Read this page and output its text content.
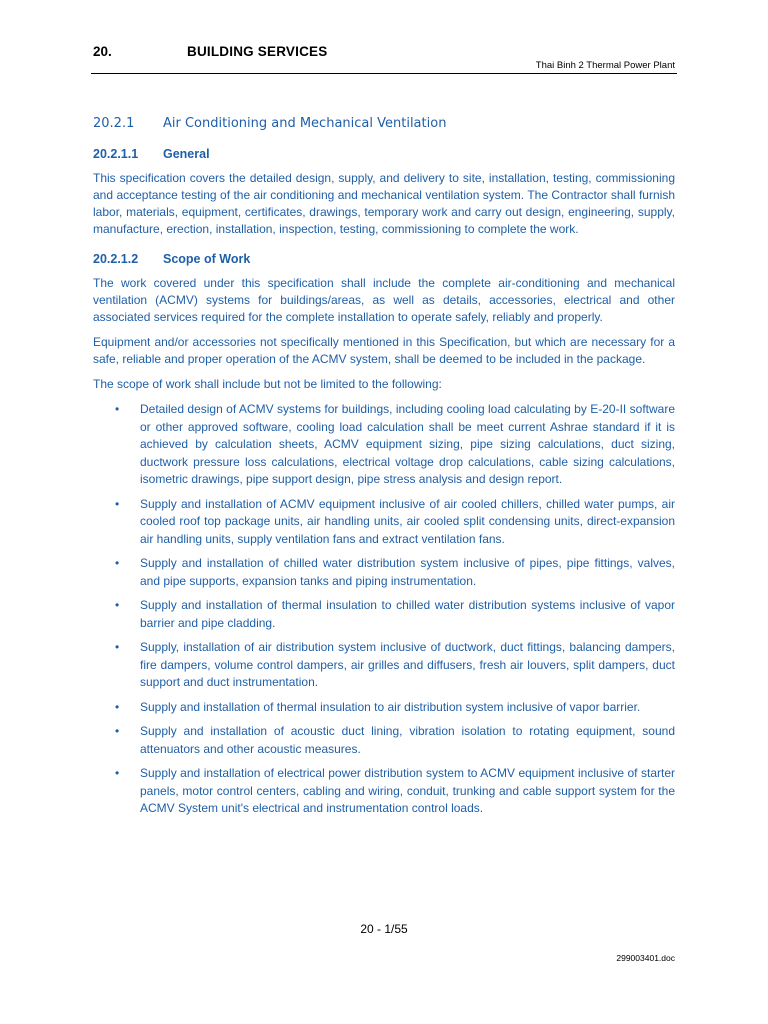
20.	BUILDING SERVICES
Thai Binh 2 Thermal Power Plant
20.2.1	Air Conditioning and Mechanical Ventilation
20.2.1.1	General

This specification covers the detailed design, supply, and delivery to site, installation, testing, commissioning and acceptance testing of the air conditioning and mechanical ventilation system. The Contractor shall furnish labor, materials, equipment, certificates, drawings, temporary work and carry out design, engineering, supply, manufacture, erection, installation, inspection, testing, commissioning to complete the work.

20.2.1.2	Scope of Work

The work covered under this specification shall include the complete air-conditioning and mechanical ventilation (ACMV) systems for buildings/areas, as well as details, accessories, electrical and other associated services required for the complete installation to operate safely, reliably and properly.

Equipment and/or accessories not specifically mentioned in this Specification, but which are necessary for a safe, reliable and proper operation of the ACMV system, shall be deemed to be included in the package.

The scope of work shall include but not be limited to the following:

• Detailed design of ACMV systems for buildings, including cooling load calculating by E-20-II software or other approved software, cooling load calculation shall be meet current Ashrae standard if it is achieved by calculation sheets, ACMV equipment sizing, pipe sizing calculations, duct sizing, ductwork pressure loss calculations, electrical voltage drop calculations, cable sizing calculations, isometric drawings, pipe support design, pipe stress analysis and design report.
• Supply and installation of ACMV equipment inclusive of air cooled chillers, chilled water pumps, air cooled roof top package units, air handling units, air cooled split condensing units, direct-expansion air handling units, supply ventilation fans and extract ventilation fans.
• Supply and installation of chilled water distribution system inclusive of pipes, pipe fittings, valves, and pipe supports, expansion tanks and piping instrumentation.
• Supply and installation of thermal insulation to chilled water distribution systems inclusive of vapor barrier and pipe cladding.
• Supply, installation of air distribution system inclusive of ductwork, duct fittings, balancing dampers, fire dampers, volume control dampers, air grilles and diffusers, fresh air louvers, split dampers, duct support and duct instrumentation.
• Supply and installation of thermal insulation to air distribution system inclusive of vapor barrier.
• Supply and installation of acoustic duct lining, vibration isolation to rotating equipment, sound attenuators and other acoustic measures.
• Supply and installation of electrical power distribution system to ACMV equipment inclusive of starter panels, motor control centers, cabling and wiring, conduit, trunking and cable support system for the ACMV System unit's electrical and instrumentation control loads.
20 - 1/55
299003401.doc
